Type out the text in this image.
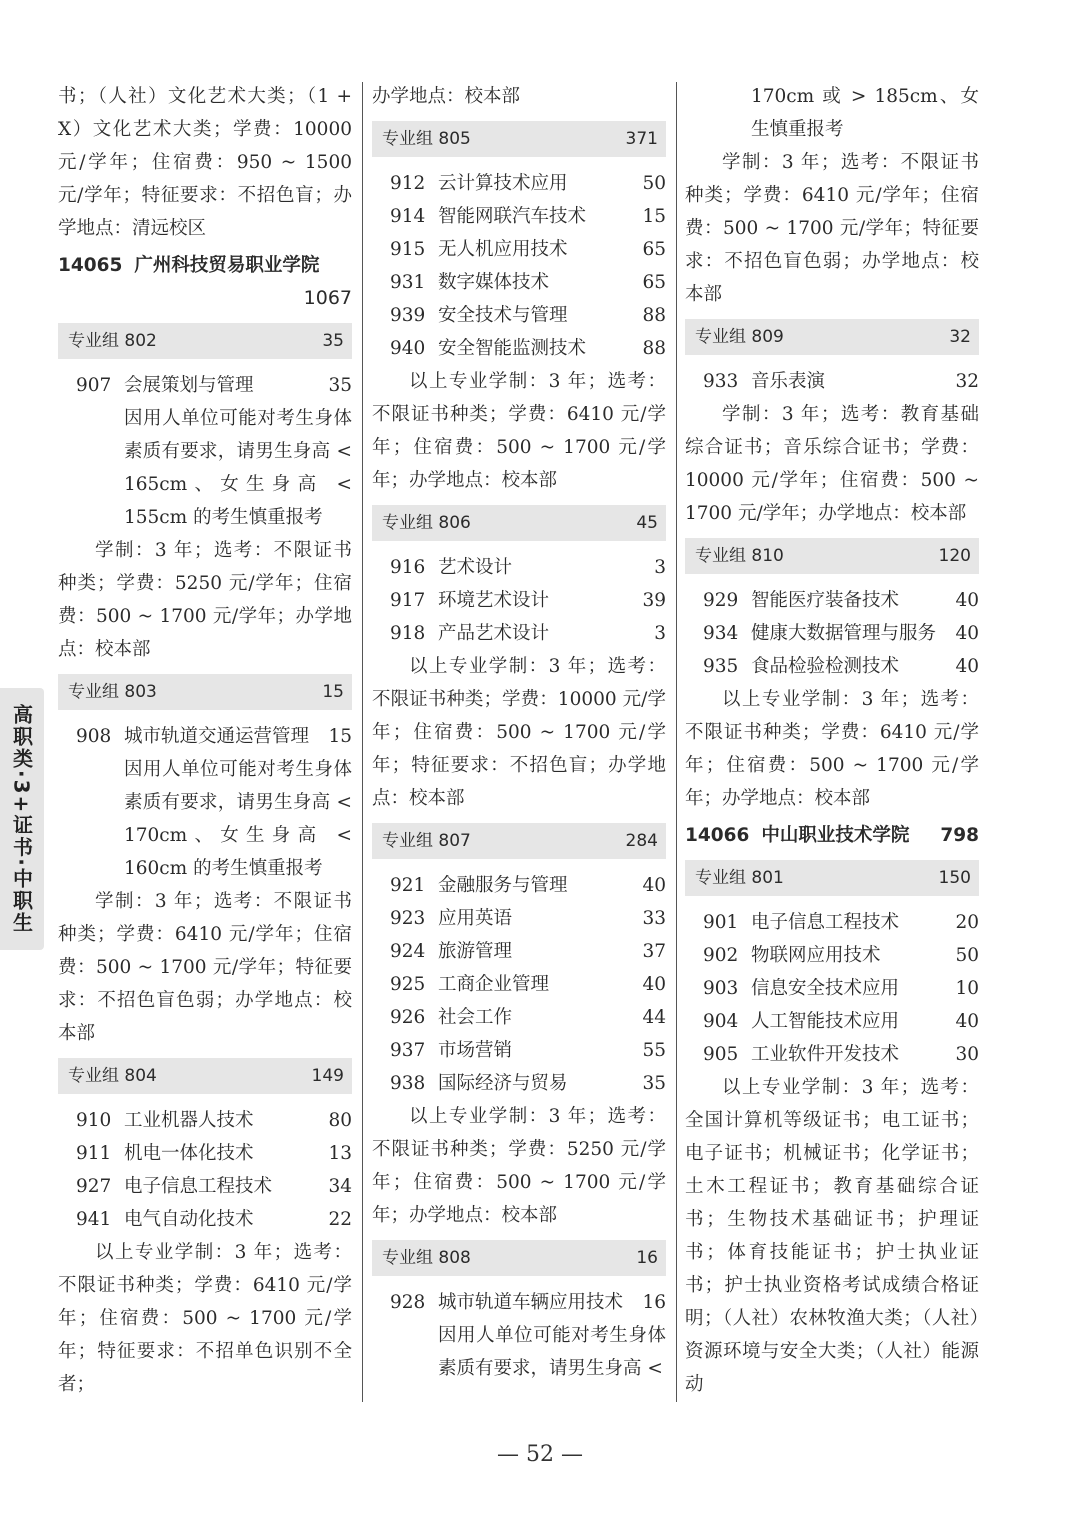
高职类·3+证书·中职生

书；（人社）文化艺术大类；（1 + X）文化艺术大类；学费：10000元/学年；住宿费：950 ~ 1500 元/学年；特征要求：不招色盲；办学地点：清远校区

14065 广州科技贸易职业学院
1067
专业组 802	35
907 会展策划与管理	35
因用人单位可能对考生身体素质有要求，请男生身高 < 165cm、女生身高 < 155cm 的考生慎重报考

学制：3 年；选考：不限证书种类；学费：5250 元/学年；住宿费：500 ~ 1700 元/学年；办学地点：校本部

专业组 803	15
908 城市轨道交通运营管理	15
因用人单位可能对考生身体素质有要求，请男生身高 < 170cm、女生身高 < 160cm 的考生慎重报考

学制：3 年；选考：不限证书种类；学费：6410 元/学年；住宿费：500 ~ 1700 元/学年；特征要求：不招色盲色弱；办学地点：校本部

专业组 804	149
910 工业机器人技术	80
911 机电一体化技术	13
927 电子信息工程技术	34
941 电气自动化技术	22

以上专业学制：3 年；选考：不限证书种类；学费：6410 元/学年；住宿费：500 ~ 1700 元/学年；特征要求：不招单色识别不全者；

办学地点：校本部

专业组 805	371
912 云计算技术应用	50
914 智能网联汽车技术	15
915 无人机应用技术	65
931 数字媒体技术	65
939 安全技术与管理	88
940 安全智能监测技术	88

以上专业学制：3 年；选考：不限证书种类；学费：6410 元/学年；住宿费：500 ~ 1700 元/学年；办学地点：校本部

专业组 806	45
916 艺术设计	3
917 环境艺术设计	39
918 产品艺术设计	3

以上专业学制：3 年；选考：不限证书种类；学费：10000 元/学年；住宿费：500 ~ 1700 元/学年；特征要求：不招色盲；办学地点：校本部

专业组 807	284
921 金融服务与管理	40
923 应用英语	33
924 旅游管理	37
925 工商企业管理	40
926 社会工作	44
937 市场营销	55
938 国际经济与贸易	35

以上专业学制：3 年；选考：不限证书种类；学费：5250 元/学年；住宿费：500 ~ 1700 元/学年；办学地点：校本部

专业组 808	16
928 城市轨道车辆应用技术	16
因用人单位可能对考生身体素质有要求，请男生身高 <
170cm 或 > 185cm、女生慎重报考

学制：3 年；选考：不限证书种类；学费：6410 元/学年；住宿费：500 ~ 1700 元/学年；特征要求：不招色盲色弱；办学地点：校本部

专业组 809	32
933 音乐表演	32

学制：3 年；选考：教育基础综合证书；音乐综合证书；学费：10000 元/学年；住宿费：500 ~ 1700 元/学年；办学地点：校本部

专业组 810	120
929 智能医疗装备技术	40
934 健康大数据管理与服务	40
935 食品检验检测技术	40

以上专业学制：3 年；选考：不限证书种类；学费：6410 元/学年；住宿费：500 ~ 1700 元/学年；办学地点：校本部

14066 中山职业技术学院	798
专业组 801	150
901 电子信息工程技术	20
902 物联网应用技术	50
903 信息安全技术应用	10
904 人工智能技术应用	40
905 工业软件开发技术	30

以上专业学制：3 年；选考：全国计算机等级证书；电工证书；电子证书；机械证书；化学证书；土木工程证书；教育基础综合证书；生物技术基础证书；护理证书；体育技能证书；护士执业证书；护士执业资格考试成绩合格证明；（人社）农林牧渔大类；（人社）资源环境与安全大类；（人社）能源动

— 52 —
